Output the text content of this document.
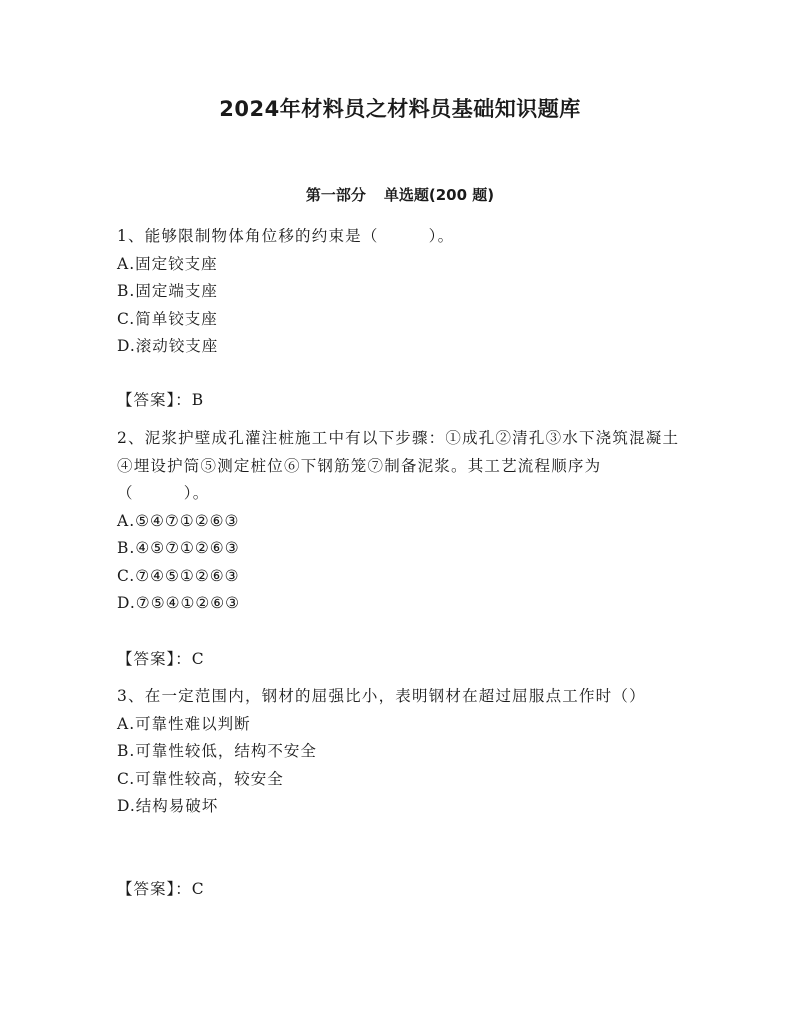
2024年材料员之材料员基础知识题库
第一部分 单选题(200 题)

1、能够限制物体角位移的约束是（　　　）。

A.固定铰支座

B.固定端支座

C.简单铰支座

D.滚动铰支座

【答案】：B

2、泥浆护壁成孔灌注桩施工中有以下步骤：①成孔②清孔③水下浇筑混凝土④埋设护筒⑤测定桩位⑥下钢筋笼⑦制备泥浆。其工艺流程顺序为（　　　）。

A.⑤④⑦①②⑥③

B.④⑤⑦①②⑥③

C.⑦④⑤①②⑥③

D.⑦⑤④①②⑥③

【答案】：C

3、在一定范围内，钢材的屈强比小，表明钢材在超过屈服点工作时（）

A.可靠性难以判断

B.可靠性较低，结构不安全

C.可靠性较高，较安全

D.结构易破坏

【答案】：C
